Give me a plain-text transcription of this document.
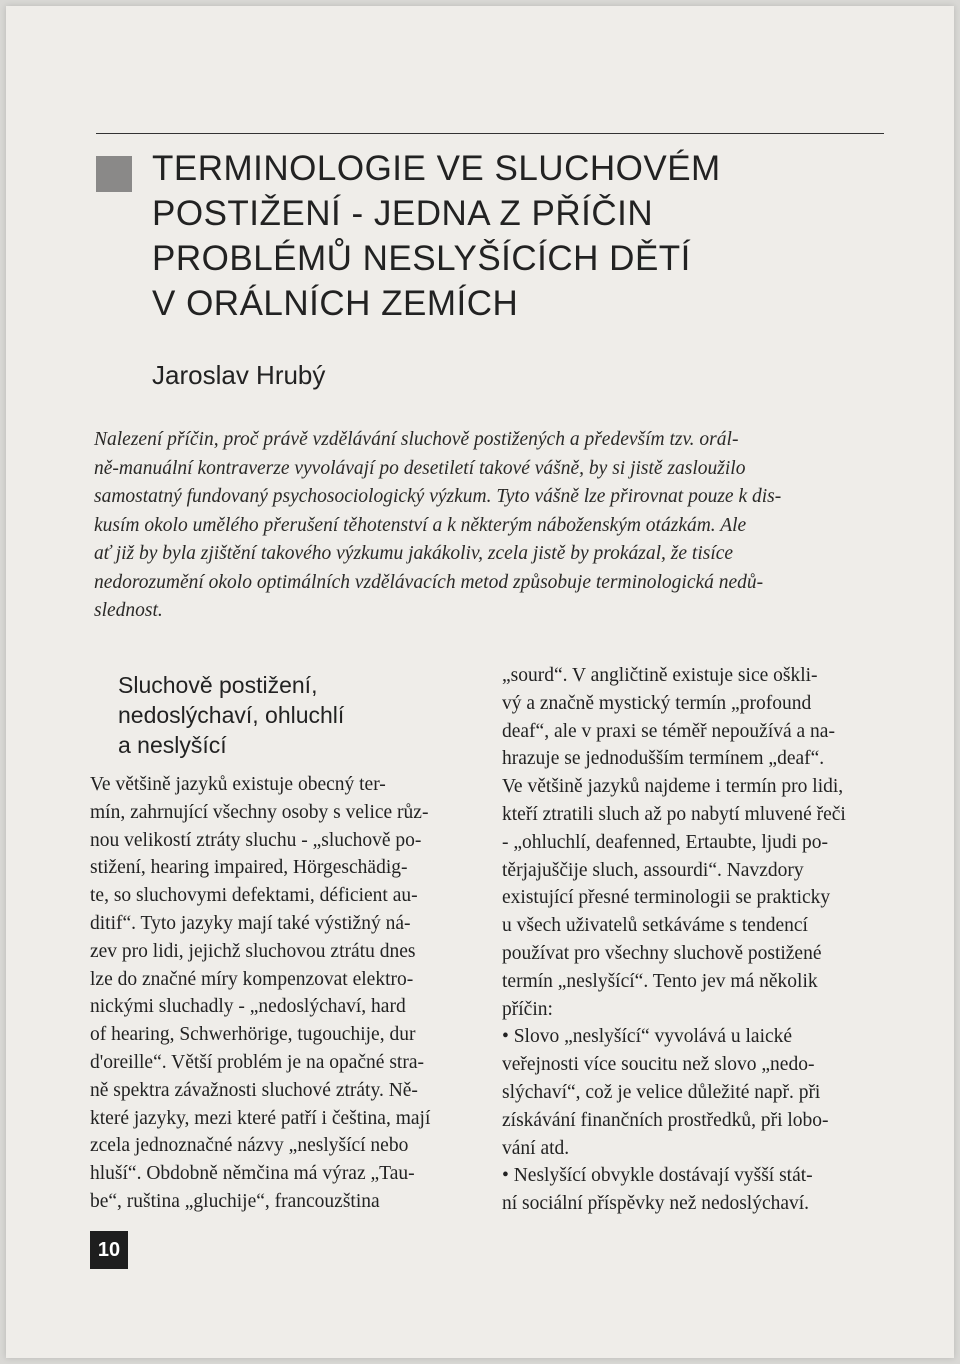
TERMINOLOGIE VE SLUCHOVÉM
POSTIŽENÍ - JEDNA Z PŘÍČIN
PROBLÉMŮ NESLYŠÍCÍCH DĚTÍ
V ORÁLNÍCH ZEMÍCH
Jaroslav Hrubý
Nalezení příčin, proč právě vzdělávání sluchově postižených a především tzv. orál-
ně-manuální kontraverze vyvolávají po desetiletí takové vášně, by si jistě zasloužilo
samostatný fundovaný psychosociologický výzkum. Tyto vášně lze přirovnat pouze k dis-
kusím okolo umělého přerušení těhotenství a k některým náboženským otázkám. Ale
ať již by byla zjištění takového výzkumu jakákoliv, zcela jistě by prokázal, že tisíce
nedorozumění okolo optimálních vzdělávacích metod způsobuje terminologická nedů-
slednost.
Sluchově postižení,
nedoslýchaví, ohluchlí
a neslyšící
Ve většině jazyků existuje obecný ter-
mín, zahrnující všechny osoby s velice růz-
nou velikostí ztráty sluchu - „sluchově po-
stižení, hearing impaired, Hörgeschädig-
te, so sluchovymi defektami, déficient au-
ditif“. Tyto jazyky mají také výstižný ná-
zev pro lidi, jejichž sluchovou ztrátu dnes
lze do značné míry kompenzovat elektro-
nickými sluchadly - „nedoslýchaví, hard
of hearing, Schwerhörige, tugouchije, dur
d'oreille“. Větší problém je na opačné stra-
ně spektra závažnosti sluchové ztráty. Ně-
které jazyky, mezi které patří i čeština, mají
zcela jednoznačné názvy „neslyšící nebo
hluší“. Obdobně němčina má výraz „Tau-
be“, ruština „gluchije“, francouzština
„sourd“. V angličtině existuje sice oškli-
vý a značně mystický termín „profound
deaf“, ale v praxi se téměř nepoužívá a na-
hrazuje se jednodušším termínem „deaf“.
Ve většině jazyků najdeme i termín pro lidi,
kteří ztratili sluch až po nabytí mluvené řeči
- „ohluchlí, deafenned, Ertaubte, ljudi po-
těrjajuščije sluch, assourdi“. Navzdory
existující přesné terminologii se prakticky
u všech uživatelů setkáváme s tendencí
používat pro všechny sluchově postižené
termín „neslyšící“. Tento jev má několik
příčin:
• Slovo „neslyšící“ vyvolává u laické
veřejnosti více soucitu než slovo „nedo-
slýchaví“, což je velice důležité např. při
získávání finančních prostředků, při lobo-
vání atd.
• Neslyšící obvykle dostávají vyšší stát-
ní sociální příspěvky než nedoslýchaví.
10
